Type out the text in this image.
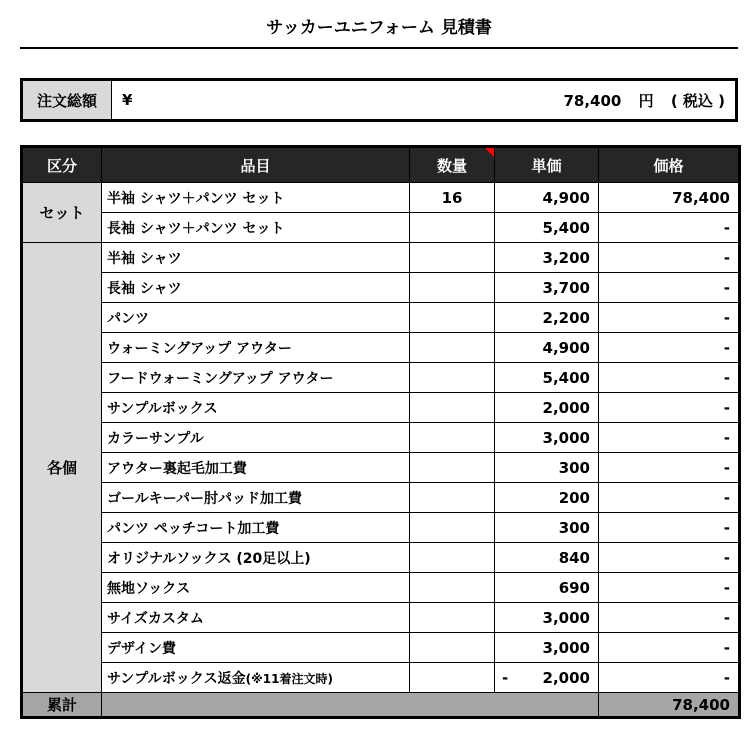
サッカーユニフォーム 見積書
注文総額	¥	78,400 円 ( 税込 )
区分	品目	数量	単価	価格
セット	半袖 シャツ＋パンツ セット	16	4,900	78,400
	長袖 シャツ＋パンツ セット		5,400	-
各個	半袖 シャツ		3,200	-
	長袖 シャツ		3,700	-
	パンツ		2,200	-
	ウォーミングアップ アウター		4,900	-
	フードウォーミングアップ アウター		5,400	-
	サンプルボックス		2,000	-
	カラーサンプル		3,000	-
	アウター裏起毛加工費		300	-
	ゴールキーパー肘パッド加工費		200	-
	パンツ ペッチコート加工費		300	-
	オリジナルソックス (20足以上)		840	-
	無地ソックス		690	-
	サイズカスタム		3,000	-
	デザイン費		3,000	-
	サンプルボックス返金(※11着注文時)		- 2,000	-
累計				78,400
